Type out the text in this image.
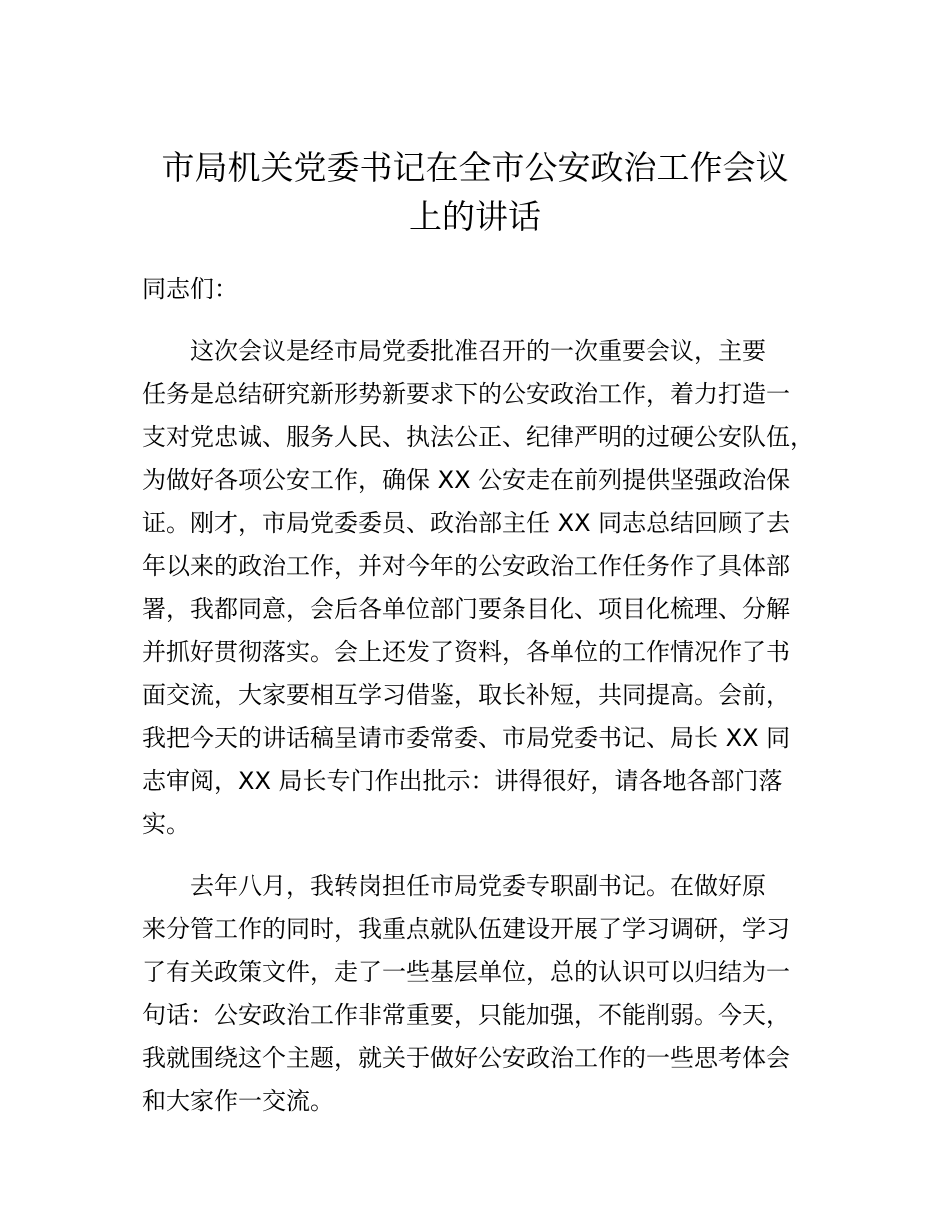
市局机关党委书记在全市公安政治工作会议
上的讲话

同志们：

这次会议是经市局党委批准召开的一次重要会议，主要

任务是总结研究新形势新要求下的公安政治工作，着力打造一

支对党忠诚、服务人民、执法公正、纪律严明的过硬公安队伍，

为做好各项公安工作，确保 XX 公安走在前列提供坚强政治保

证。刚才，市局党委委员、政治部主任 XX 同志总结回顾了去

年以来的政治工作，并对今年的公安政治工作任务作了具体部

署，我都同意，会后各单位部门要条目化、项目化梳理、分解

并抓好贯彻落实。会上还发了资料，各单位的工作情况作了书

面交流，大家要相互学习借鉴，取长补短，共同提高。会前，

我把今天的讲话稿呈请市委常委、市局党委书记、局长 XX 同

志审阅，XX 局长专门作出批示：讲得很好，请各地各部门落

实。

去年八月，我转岗担任市局党委专职副书记。在做好原

来分管工作的同时，我重点就队伍建设开展了学习调研，学习

了有关政策文件，走了一些基层单位，总的认识可以归结为一

句话：公安政治工作非常重要，只能加强，不能削弱。今天，

我就围绕这个主题，就关于做好公安政治工作的一些思考体会

和大家作一交流。
